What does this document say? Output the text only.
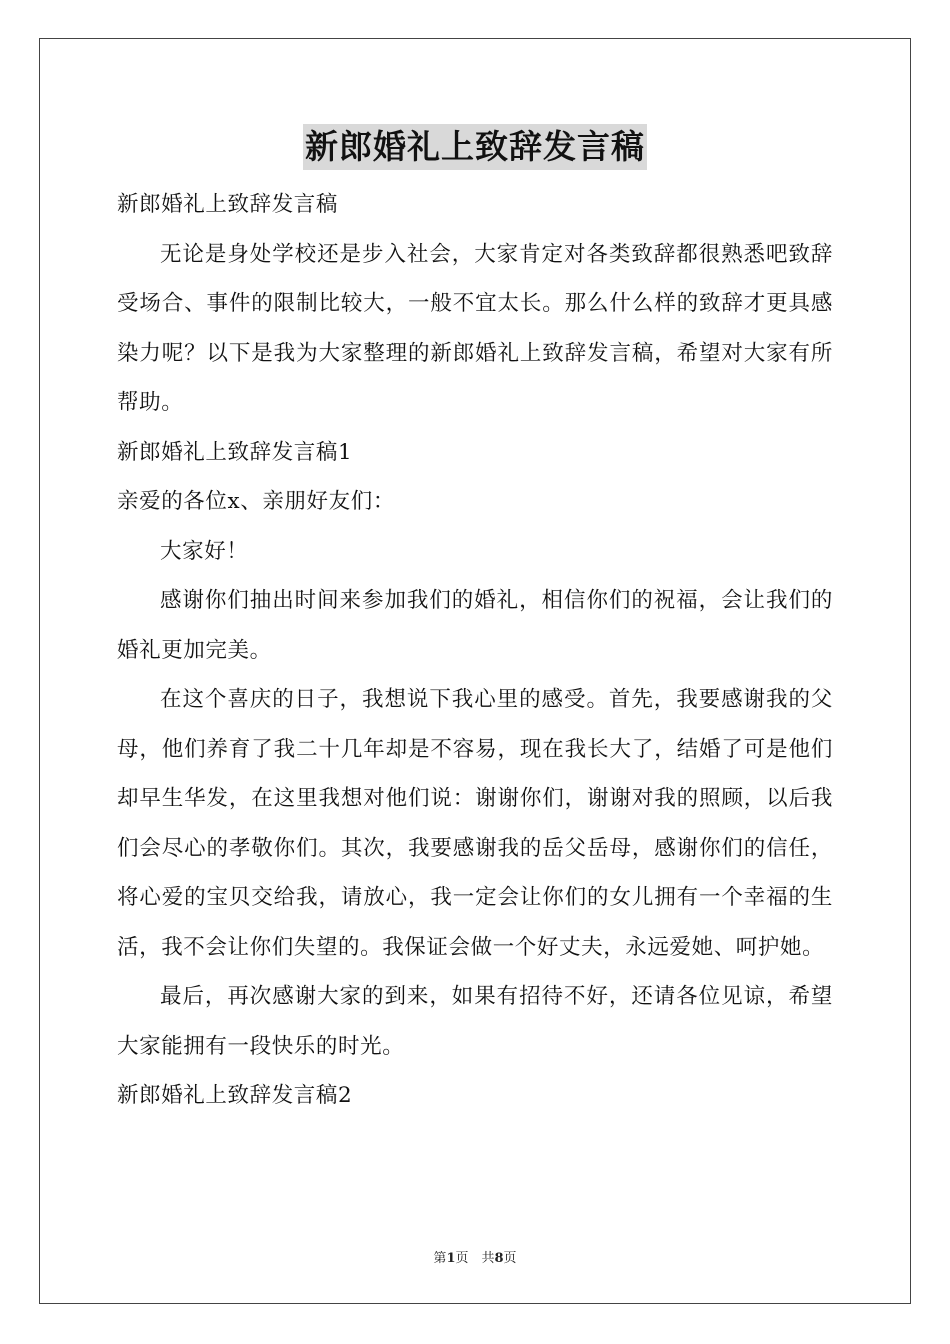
新郎婚礼上致辞发言稿

新郎婚礼上致辞发言稿

无论是身处学校还是步入社会，大家肯定对各类致辞都很熟悉吧致辞受场合、事件的限制比较大，一般不宜太长。那么什么样的致辞才更具感染力呢？以下是我为大家整理的新郎婚礼上致辞发言稿，希望对大家有所帮助。

新郎婚礼上致辞发言稿1

亲爱的各位x、亲朋好友们：

大家好！

感谢你们抽出时间来参加我们的婚礼，相信你们的祝福，会让我们的婚礼更加完美。

在这个喜庆的日子，我想说下我心里的感受。首先，我要感谢我的父母，他们养育了我二十几年却是不容易，现在我长大了，结婚了可是他们却早生华发，在这里我想对他们说：谢谢你们，谢谢对我的照顾，以后我们会尽心的孝敬你们。其次，我要感谢我的岳父岳母，感谢你们的信任，将心爱的宝贝交给我，请放心，我一定会让你们的女儿拥有一个幸福的生活，我不会让你们失望的。我保证会做一个好丈夫，永远爱她、呵护她。

最后，再次感谢大家的到来，如果有招待不好，还请各位见谅，希望大家能拥有一段快乐的时光。

新郎婚礼上致辞发言稿2

第1页　共8页
